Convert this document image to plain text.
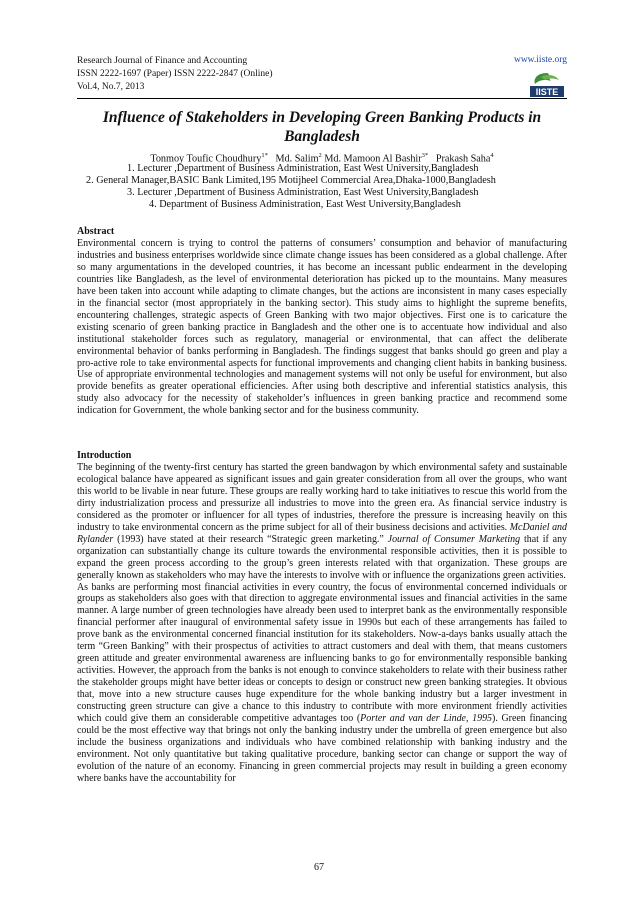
Research Journal of Finance and Accounting
ISSN 2222-1697 (Paper) ISSN 2222-2847 (Online)
Vol.4, No.7, 2013
www.iiste.org
IISTE
Influence of Stakeholders in Developing Green Banking Products in Bangladesh
Tonmoy Toufic Choudhury$^{1*}$ Md. Salim$^2$ Md. Mamoon Al Bashir$^{3*}$ Prakash Saha$^4$
1. Lecturer ,Department of Business Administration, East West University,Bangladesh
2. General Manager,BASIC Bank Limited,195 Motijheel Commercial Area,Dhaka-1000,Bangladesh
3. Lecturer ,Department of Business Administration, East West University,Bangladesh
4. Department of Business Administration, East West University,Bangladesh
Abstract

Environmental concern is trying to control the patterns of consumers’ consumption and behavior of manufacturing industries and business enterprises worldwide since climate change issues has been considered as a global challenge. After so many argumentations in the developed countries, it has become an incessant public endearment in the developing countries like Bangladesh, as the level of environmental deterioration has picked up to the mountains. Many measures have been taken into account while adapting to climate changes, but the actions are inconsistent in many cases especially in the financial sector (most appropriately in the banking sector). This study aims to highlight the supreme benefits, encountering challenges, strategic aspects of Green Banking with two major objectives. First one is to caricature the existing scenario of green banking practice in Bangladesh and the other one is to accentuate how individual and also institutional stakeholder forces such as regulatory, managerial or environmental, that can affect the deliberate environmental behavior of banks performing in Bangladesh. The findings suggest that banks should go green and play a pro-active role to take environmental aspects for functional improvements and changing client habits in banking business. Use of appropriate environmental technologies and management systems will not only be useful for environment, but also provide benefits as greater operational efficiencies. After using both descriptive and inferential statistics analysis, this study also advocacy for the necessity of stakeholder’s influences in green banking practice and recommend some indication for Government, the whole banking sector and for the business community.

Introduction

The beginning of the twenty-first century has started the green bandwagon by which environmental safety and sustainable ecological balance have appeared as significant issues and gain greater consideration from all over the groups, who want this world to be livable in near future. These groups are really working hard to take initiatives to rescue this world from the dirty industrialization process and pressurize all industries to move into the green era. As financial service industry is considered as the promoter or influencer for all types of industries, therefore the pressure is increasing heavily on this industry to take environmental concern as the prime subject for all of their business decisions and activities. McDaniel and Rylander (1993) have stated at their research “Strategic green marketing.” Journal of Consumer Marketing that if any organization can substantially change its culture towards the environmental responsible activities, then it is possible to expand the green process according to the group’s green interests related with that organization. These groups are generally known as stakeholders who may have the interests to involve with or influence the organizations green activities.

As banks are performing most financial activities in every country, the focus of environmental concerned individuals or groups as stakeholders also goes with that direction to aggregate environmental issues and financial activities in the same manner. A large number of green technologies have already been used to interpret bank as the environmentally responsible financial performer after inaugural of environmental safety issue in 1990s but each of these arrangements has failed to prove bank as the environmental concerned financial institution for its stakeholders. Now-a-days banks usually attach the term “Green Banking” with their prospectus of activities to attract customers and deal with them, that means customers green attitude and greater environmental awareness are influencing banks to go for environmentally responsible banking activities. However, the approach from the banks is not enough to convince stakeholders to relate with their business rather the stakeholder groups might have better ideas or concepts to design or construct new green banking strategies. It obvious that, move into a new structure causes huge expenditure for the whole banking industry but a larger investment in constructing green structure can give a chance to this industry to contribute with more environment friendly activities which could give them an considerable competitive advantages too (Porter and van der Linde, 1995). Green financing could be the most effective way that brings not only the banking industry under the umbrella of green emergence but also include the business organizations and individuals who have combined relationship with banking industry and the environment. Not only quantitative but taking qualitative procedure, banking sector can change or support the way of evolution of the nature of an economy. Financing in green commercial projects may result in building a green economy where banks have the accountability for

67
